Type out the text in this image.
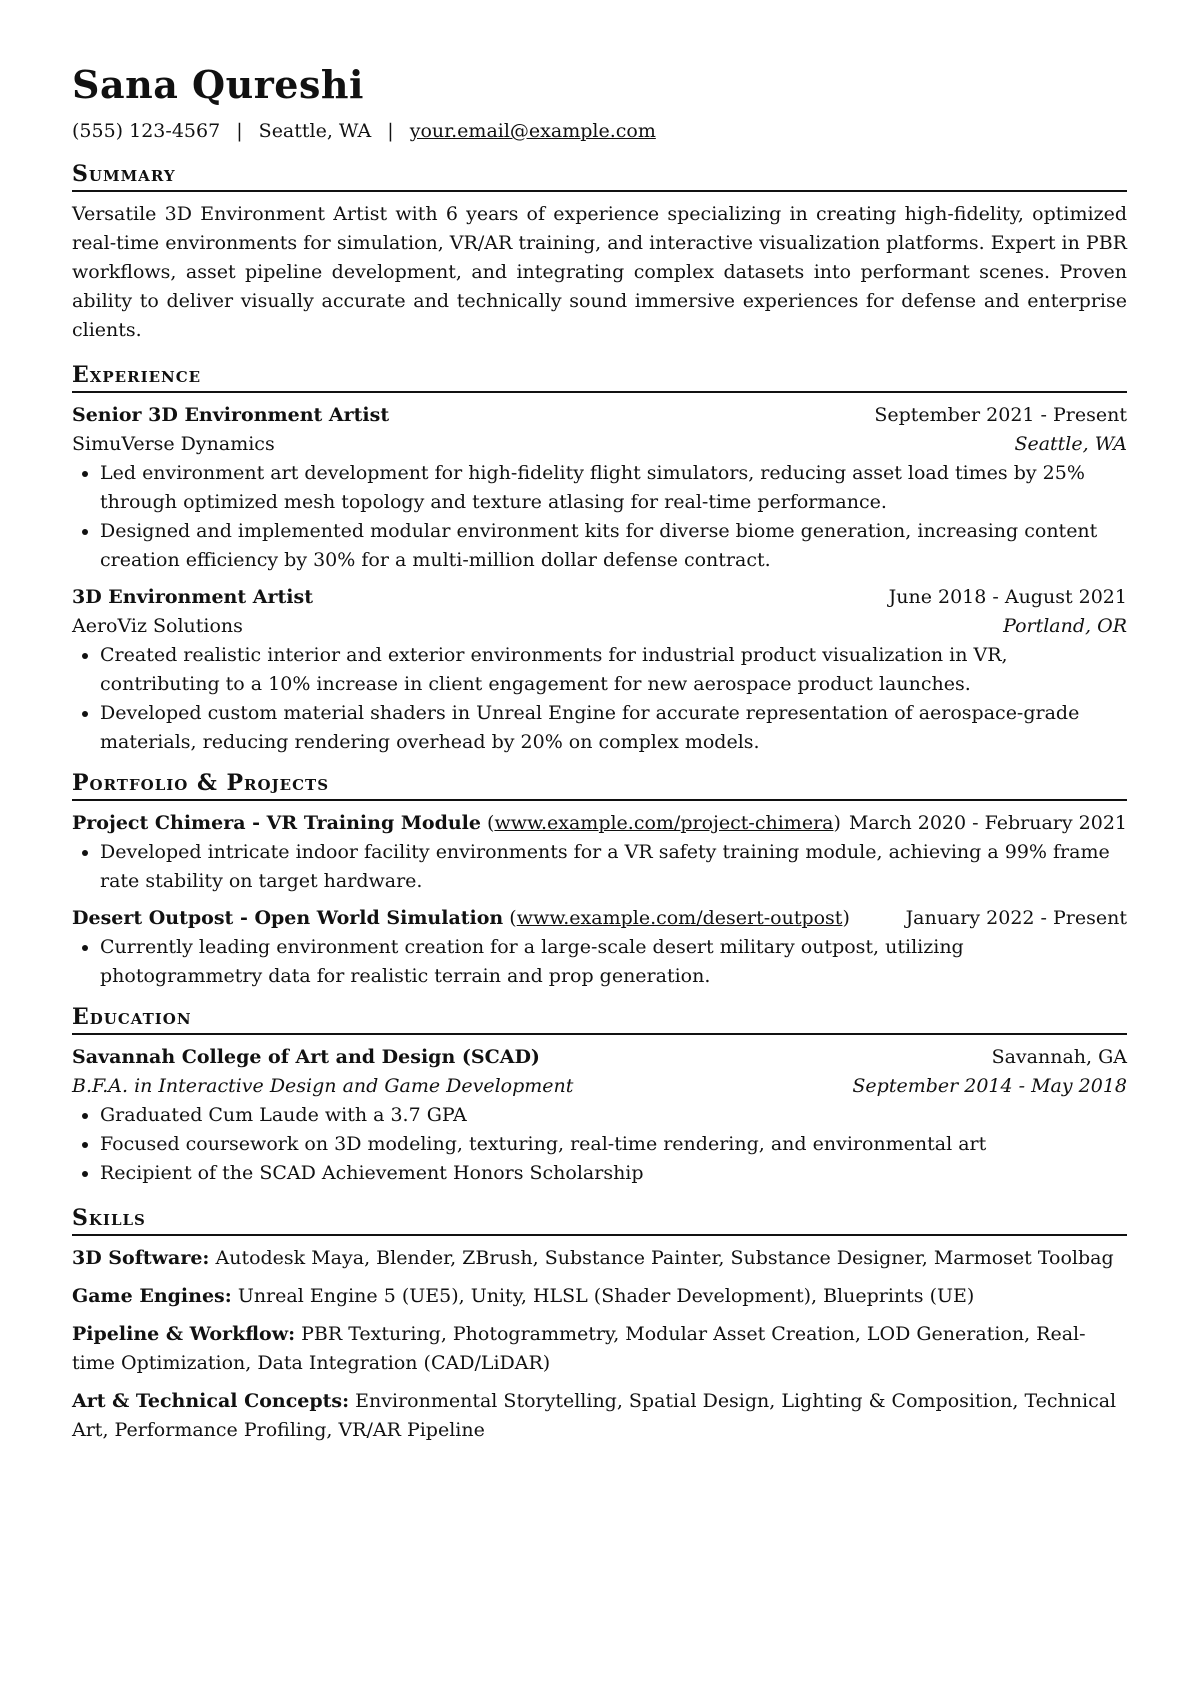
Sana Qureshi
(555) 123-4567 | Seattle, WA | your.email@example.com
Summary

Versatile 3D Environment Artist with 6 years of experience specializing in creating high-fidelity, optimized real-time environments for simulation, VR/AR training, and interactive visualization platforms. Expert in PBR workflows, asset pipeline development, and integrating complex datasets into performant scenes. Proven ability to deliver visually accurate and technically sound immersive experiences for defense and enterprise clients.

Experience
Senior 3D Environment Artist	September 2021 - Present
SimuVerse Dynamics	Seattle, WA
• Led environment art development for high-fidelity flight simulators, reducing asset load times by 25% through optimized mesh topology and texture atlasing for real-time performance.
• Designed and implemented modular environment kits for diverse biome generation, increasing content creation efficiency by 30% for a multi-million dollar defense contract.
3D Environment Artist	June 2018 - August 2021
AeroViz Solutions	Portland, OR
• Created realistic interior and exterior environments for industrial product visualization in VR, contributing to a 10% increase in client engagement for new aerospace product launches.
• Developed custom material shaders in Unreal Engine for accurate representation of aerospace-grade materials, reducing rendering overhead by 20% on complex models.
Portfolio & Projects
Project Chimera - VR Training Module (www.example.com/project-chimera) March 2020 - February 2021
• Developed intricate indoor facility environments for a VR safety training module, achieving a 99% frame rate stability on target hardware.
Desert Outpost - Open World Simulation (www.example.com/desert-outpost)	January 2022 - Present
• Currently leading environment creation for a large-scale desert military outpost, utilizing photogrammetry data for realistic terrain and prop generation.
Education
Savannah College of Art and Design (SCAD)	Savannah, GA
B.F.A. in Interactive Design and Game Development	September 2014 - May 2018
• Graduated Cum Laude with a 3.7 GPA
• Focused coursework on 3D modeling, texturing, real-time rendering, and environmental art
• Recipient of the SCAD Achievement Honors Scholarship
Skills
3D Software: Autodesk Maya, Blender, ZBrush, Substance Painter, Substance Designer, Marmoset Toolbag
Game Engines: Unreal Engine 5 (UE5), Unity, HLSL (Shader Development), Blueprints (UE)
Pipeline & Workflow: PBR Texturing, Photogrammetry, Modular Asset Creation, LOD Generation, Real-time Optimization, Data Integration (CAD/LiDAR)
Art & Technical Concepts: Environmental Storytelling, Spatial Design, Lighting & Composition, Technical Art, Performance Profiling, VR/AR Pipeline
